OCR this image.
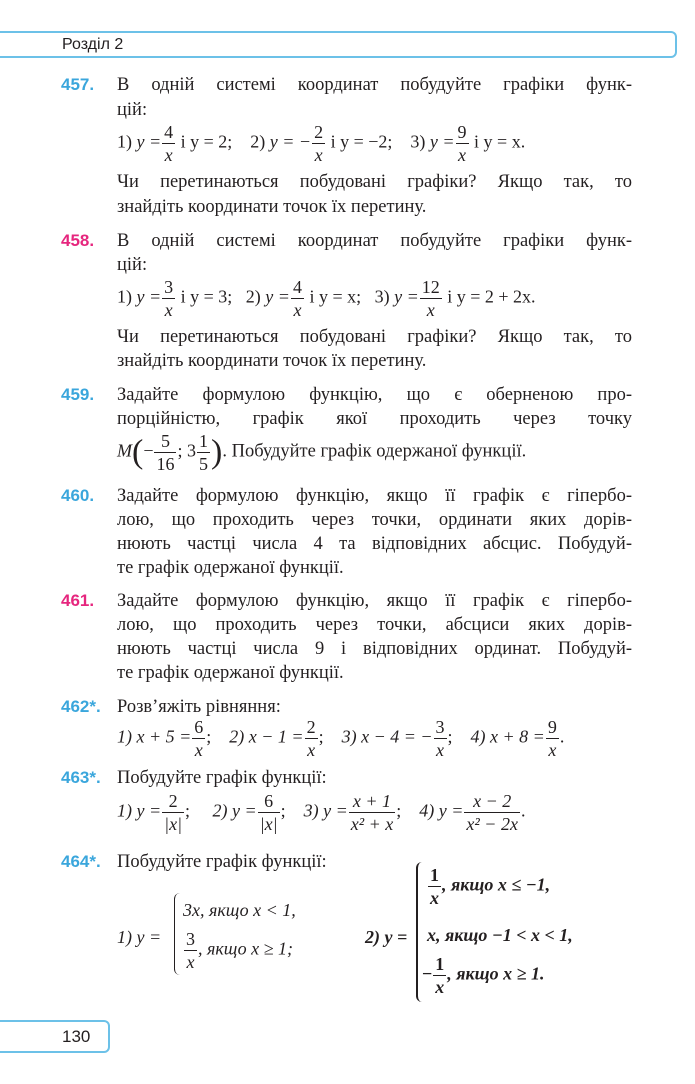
Розділ 2
457. В одній системі координат побудуйте графіки функ-
цій:
1) $y = \frac{4}{x}$ і y = 2; 2) y = − $\frac{2}{x}$ і y = −2; 3) $y = \frac{9}{x}$ і y = x.
Чи перетинаються побудовані графіки? Якщо так, то
знайдіть координати точок їх перетину.
458. В одній системі координат побудуйте графіки функ-
цій:
1) $y = \frac{3}{x}$ і y = 3; 2) $y = \frac{4}{x}$ і y = x; 3) $y = \frac{12}{x}$ і y = 2 + 2x.
Чи перетинаються побудовані графіки? Якщо так, то
знайдіть координати точок їх перетину.
459. Задайте формулою функцію, що є оберненою про-
порційністю, графік якої проходить через точку
$M(- \frac{5}{16}$ ; $3 \frac{1}{5}$ ). Побудуйте графік одержаної функції.
460. Задайте формулою функцію, якщо її графік є гіпербо-
лою, що проходить через точки, ординати яких дорів-
нюють частці числа 4 та відповідних абсцис. Побудуй-
те графік одержаної функції.
461. Задайте формулою функцію, якщо її графік є гіпербо-
лою, що проходить через точки, абсциси яких дорів-
нюють частці числа 9 і відповідних ординат. Побудуй-
те графік одержаної функції.
462*. Розв’яжіть рівняння:
1) $x + 5 = \frac{6}{x}$ ; 2) $x - 1 = \frac{2}{x}$ ; 3) x − 4 = − $\frac{3}{x}$ ; 4) $x + 8 = \frac{9}{x}$ .
463*. Побудуйте графік функції:
1) $y = \frac{2}{|x|}$ ; 2) $y = \frac{6}{|x|}$ ; 3) $y = \frac{x + 1}{\text{x² + x}}$ ; 4) $y = \frac{x - 2}{\text{x² − 2x}}$ .
464*. Побудуйте графік функції:
1) y =
3x, якщо x < 1,
$\frac{3}{x}$ , якщо x ≥ 1;
2) y =
$\frac{1}{x}$ , якщо x ≤ −1,
x, якщо −1 < x < 1,
− $\frac{1}{x}$ , якщо x ≥ 1.
130
